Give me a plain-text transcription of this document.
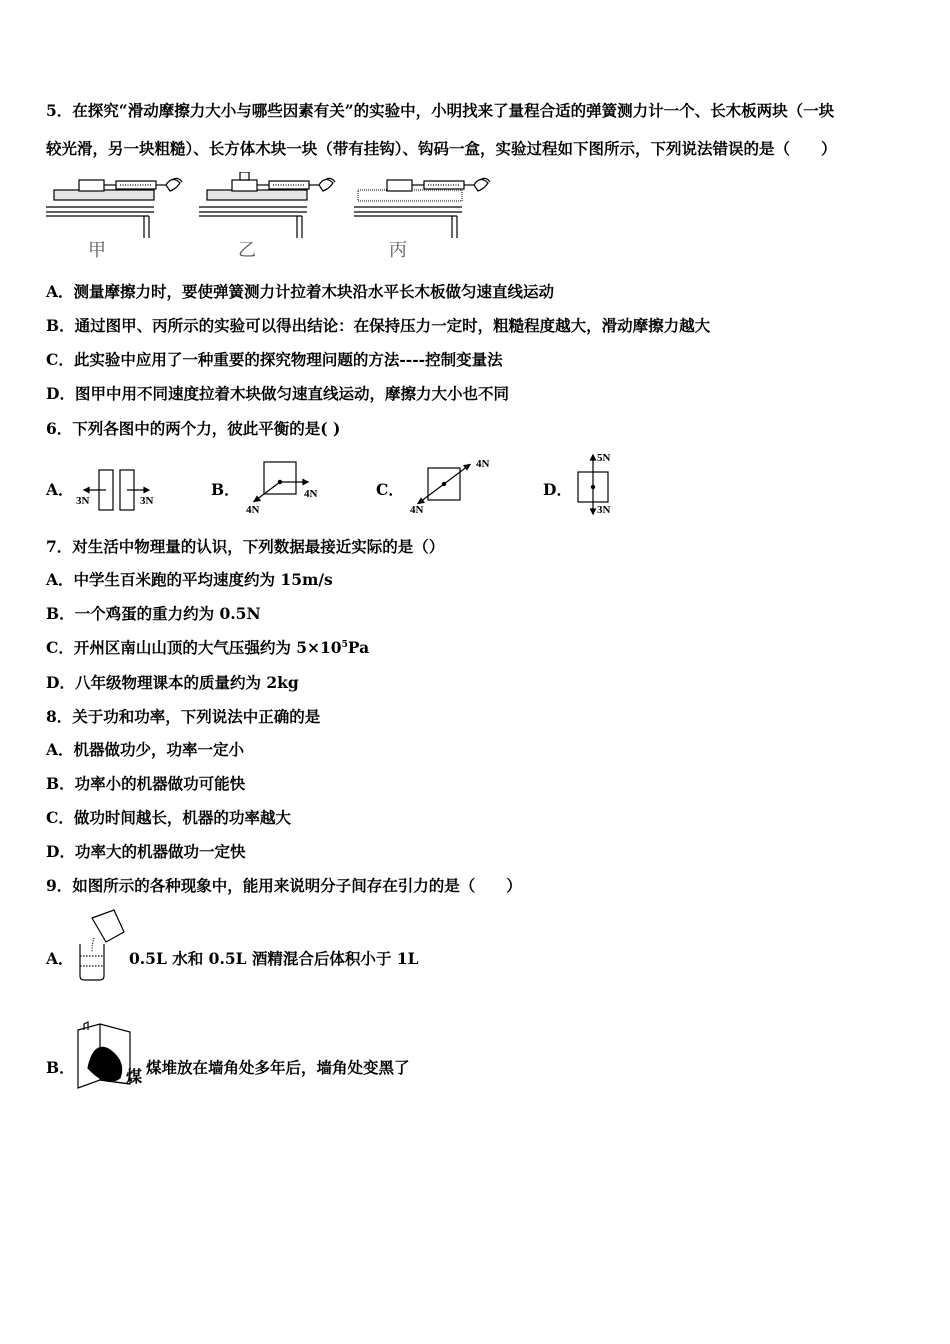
5．在探究“滑动摩擦力大小与哪些因素有关”的实验中，小明找来了量程合适的弹簧测力计一个、长木板两块（一块
较光滑，另一块粗糙）、长方体木块一块（带有挂钩）、钩码一盒，实验过程如下图所示，下列说法错误的是（　　）
甲	乙	丙
A．测量摩擦力时，要使弹簧测力计拉着木块沿水平长木板做匀速直线运动
B．通过图甲、丙所示的实验可以得出结论：在保持压力一定时，粗糙程度越大，滑动摩擦力越大
C．此实验中应用了一种重要的探究物理问题的方法----控制变量法
D．图甲中用不同速度拉着木块做匀速直线运动，摩擦力大小也不同
6．下列各图中的两个力，彼此平衡的是( )
A．
3N	3N
B．	4N
4N
C．
4N
4N
D．
5N
3N
7．对生活中物理量的认识，下列数据最接近实际的是（）
A．中学生百米跑的平均速度约为 15m/s
B．一个鸡蛋的重力约为 0.5N
C．开州区南山山顶的大气压强约为 $5\times 10^5Pa$
D．八年级物理课本的质量约为 2kg
8．关于功和功率，下列说法中正确的是
A．机器做功少，功率一定小
B．功率小的机器做功可能快
C．做功时间越长，机器的功率越大
D．功率大的机器做功一定快
9．如图所示的各种现象中，能用来说明分子间存在引力的是（　　）
A．	0.5L 水和 0.5L 酒精混合后体积小于 1L
B．	煤 煤堆放在墙角处多年后，墙角处变黑了
